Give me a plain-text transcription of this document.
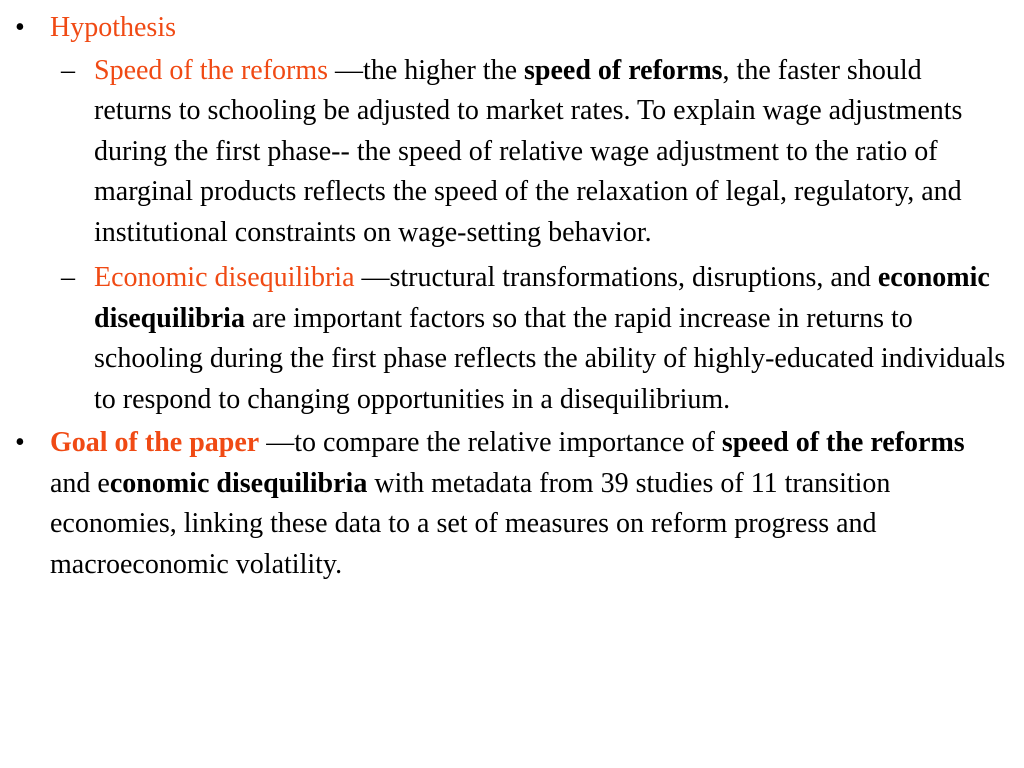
• Hypothesis
– Speed of the reforms —the higher the speed of reforms, the faster should returns to schooling be adjusted to market rates. To explain wage adjustments during the first phase-- the speed of relative wage adjustment to the ratio of marginal products reflects the speed of the relaxation of legal, regulatory, and institutional constraints on wage-setting behavior.
– Economic disequilibria —structural transformations, disruptions, and economic disequilibria are important factors so that the rapid increase in returns to schooling during the first phase reflects the ability of highly-educated individuals to respond to changing opportunities in a disequilibrium.
• Goal of the paper —to compare the relative importance of speed of the reforms and economic disequilibria with metadata from 39 studies of 11 transition economies, linking these data to a set of measures on reform progress and macroeconomic volatility.
